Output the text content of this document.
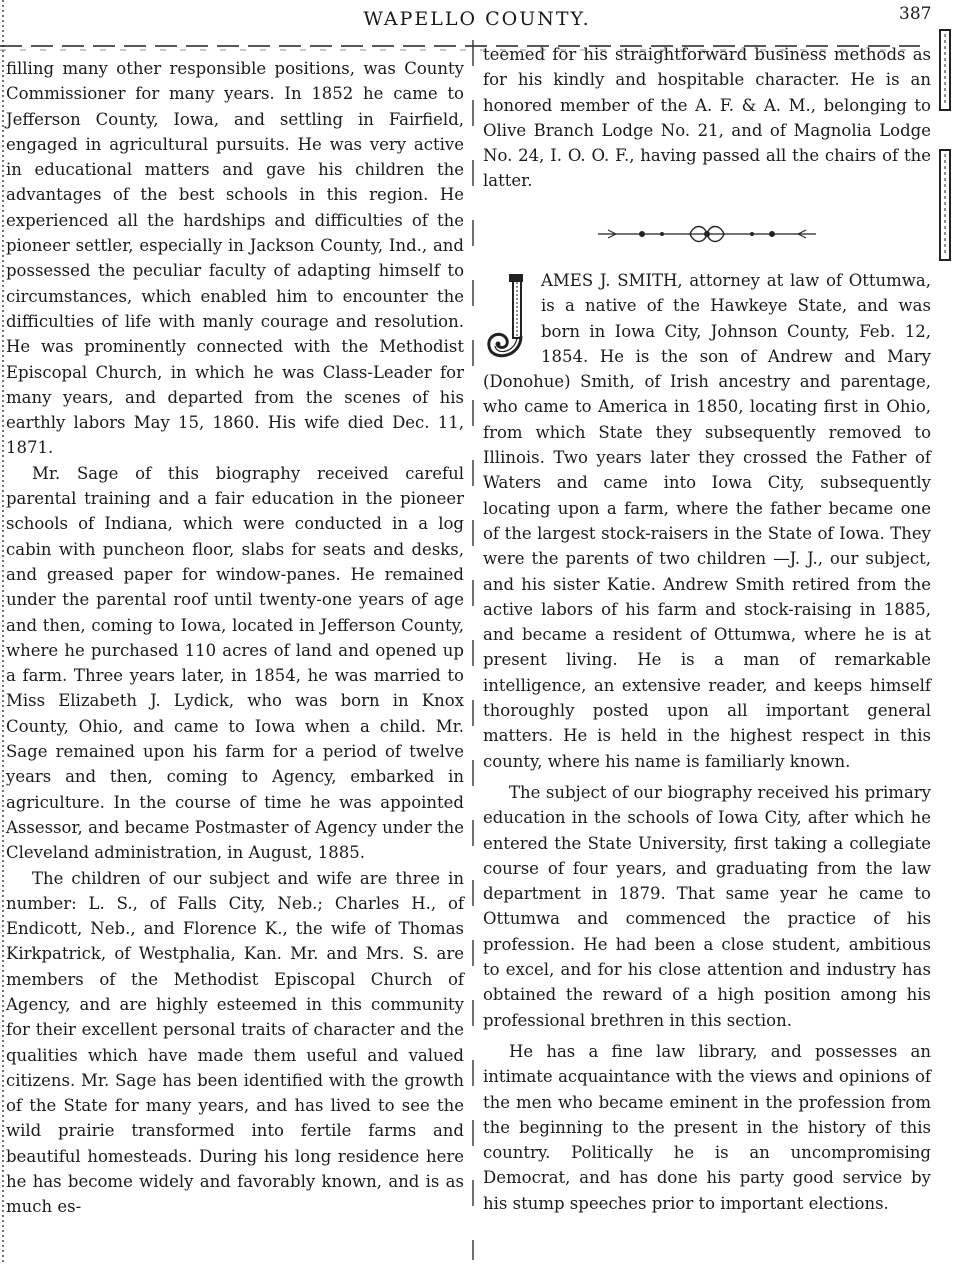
WAPELLO COUNTY.	387

filling many other responsible positions, was County Commissioner for many years. In 1852 he came to Jefferson County, Iowa, and settling in Fairfield, engaged in agricultural pursuits. He was very active in educational matters and gave his children the advantages of the best schools in this region. He experienced all the hardships and difficulties of the pioneer settler, especially in Jackson County, Ind., and possessed the peculiar faculty of adapting himself to circumstances, which enabled him to encounter the difficulties of life with manly courage and resolution. He was prominently connected with the Methodist Episcopal Church, in which he was Class-Leader for many years, and departed from the scenes of his earthly labors May 15, 1860. His wife died Dec. 11, 1871.

Mr. Sage of this biography received careful parental training and a fair education in the pioneer schools of Indiana, which were conducted in a log cabin with puncheon floor, slabs for seats and desks, and greased paper for window-panes. He remained under the parental roof until twenty-one years of age and then, coming to Iowa, located in Jefferson County, where he purchased 110 acres of land and opened up a farm. Three years later, in 1854, he was married to Miss Elizabeth J. Lydick, who was born in Knox County, Ohio, and came to Iowa when a child. Mr. Sage remained upon his farm for a period of twelve years and then, coming to Agency, embarked in agriculture. In the course of time he was appointed Assessor, and became Postmaster of Agency under the Cleveland administration, in August, 1885.

The children of our subject and wife are three in number: L. S., of Falls City, Neb.; Charles H., of Endicott, Neb., and Florence K., the wife of Thomas Kirkpatrick, of Westphalia, Kan. Mr. and Mrs. S. are members of the Methodist Episcopal Church of Agency, and are highly esteemed in this community for their excellent personal traits of character and the qualities which have made them useful and valued citizens. Mr. Sage has been identified with the growth of the State for many years, and has lived to see the wild prairie transformed into fertile farms and beautiful homesteads. During his long residence here he has become widely and favorably known, and is as much es-

teemed for his straightforward business methods as for his kindly and hospitable character. He is an honored member of the A. F. & A. M., belonging to Olive Branch Lodge No. 21, and of Magnolia Lodge No. 24, I. O. O. F., having passed all the chairs of the latter.

AMES J. SMITH, attorney at law of Ottumwa, is a native of the Hawkeye State, and was born in Iowa City, Johnson County, Feb. 12, 1854. He is the son of Andrew and Mary (Donohue) Smith, of Irish ancestry and parentage, who came to America in 1850, locating first in Ohio, from which State they subsequently removed to Illinois. Two years later they crossed the Father of Waters and came into Iowa City, subsequently locating upon a farm, where the father became one of the largest stock-raisers in the State of Iowa. They were the parents of two children —J. J., our subject, and his sister Katie. Andrew Smith retired from the active labors of his farm and stock-raising in 1885, and became a resident of Ottumwa, where he is at present living. He is a man of remarkable intelligence, an extensive reader, and keeps himself thoroughly posted upon all important general matters. He is held in the highest respect in this county, where his name is familiarly known.

The subject of our biography received his primary education in the schools of Iowa City, after which he entered the State University, first taking a collegiate course of four years, and graduating from the law department in 1879. That same year he came to Ottumwa and commenced the practice of his profession. He had been a close student, ambitious to excel, and for his close attention and industry has obtained the reward of a high position among his professional brethren in this section.

He has a fine law library, and possesses an intimate acquaintance with the views and opinions of the men who became eminent in the profession from the beginning to the present in the history of this country. Politically he is an uncompromising Democrat, and has done his party good service by his stump speeches prior to important elections.
